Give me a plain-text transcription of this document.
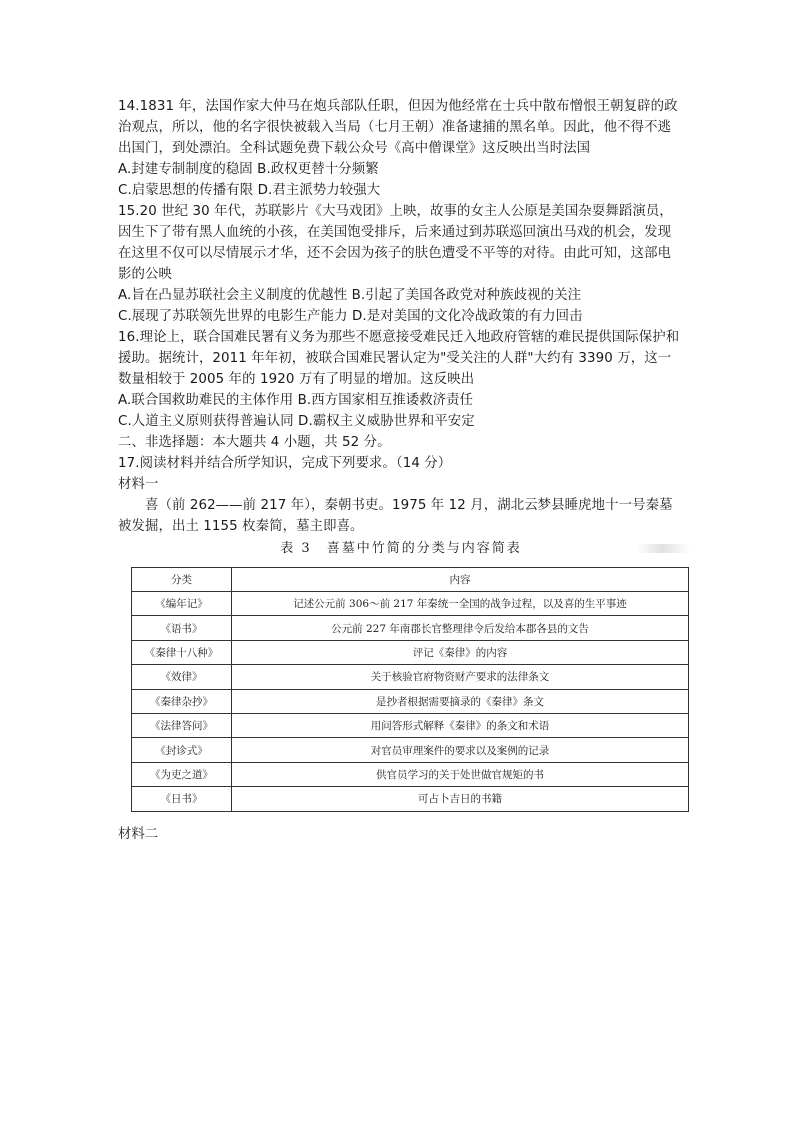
14.1831 年，法国作家大仲马在炮兵部队任职，但因为他经常在士兵中散布憎恨王朝复辟的政治观点，所以，他的名字很快被载入当局（七月王朝）准备逮捕的黑名单。因此，他不得不逃出国门，到处漂泊。全科试题免费下载公众号《高中僧课堂》这反映出当时法国

A.封建专制制度的稳固 B.政权更替十分频繁

C.启蒙思想的传播有限 D.君主派势力较强大

15.20 世纪 30 年代，苏联影片《大马戏团》上映，故事的女主人公原是美国杂耍舞蹈演员，因生下了带有黑人血统的小孩，在美国饱受排斥，后来通过到苏联巡回演出马戏的机会，发现在这里不仅可以尽情展示才华，还不会因为孩子的肤色遭受不平等的对待。由此可知，这部电影的公映

A.旨在凸显苏联社会主义制度的优越性 B.引起了美国各政党对种族歧视的关注

C.展现了苏联领先世界的电影生产能力 D.是对美国的文化冷战政策的有力回击

16.理论上，联合国难民署有义务为那些不愿意接受难民迁入地政府管辖的难民提供国际保护和援助。据统计，2011 年年初，被联合国难民署认定为"受关注的人群"大约有 3390 万，这一数量相较于 2005 年的 1920 万有了明显的增加。这反映出

A.联合国救助难民的主体作用 B.西方国家相互推诿救济责任

C.人道主义原则获得普遍认同 D.霸权主义威胁世界和平安定

二、非选择题：本大题共 4 小题，共 52 分。

17.阅读材料并结合所学知识，完成下列要求。（14 分）

材料一

喜（前 262——前 217 年），秦朝书吏。1975 年 12 月，湖北云梦县睡虎地十一号秦墓被发掘，出土 1155 枚秦简，墓主即喜。

表 3　喜墓中竹简的分类与内容简表
分类	内容
《编年记》	记述公元前 306～前 217 年秦统一全国的战争过程，以及喜的生平事迹
《语书》	公元前 227 年南郡长官整理律令后发给本郡各县的文告
《秦律十八种》	评记《秦律》的内容
《效律》	关于核验官府物资财产要求的法律条文
《秦律杂抄》	是抄者根据需要摘录的《秦律》条文
《法律答问》	用问答形式解释《秦律》的条文和术语
《封诊式》	对官员审理案件的要求以及案例的记录
《为吏之道》	供官员学习的关于处世做官规矩的书
《日书》	可占卜吉日的书籍
材料二
